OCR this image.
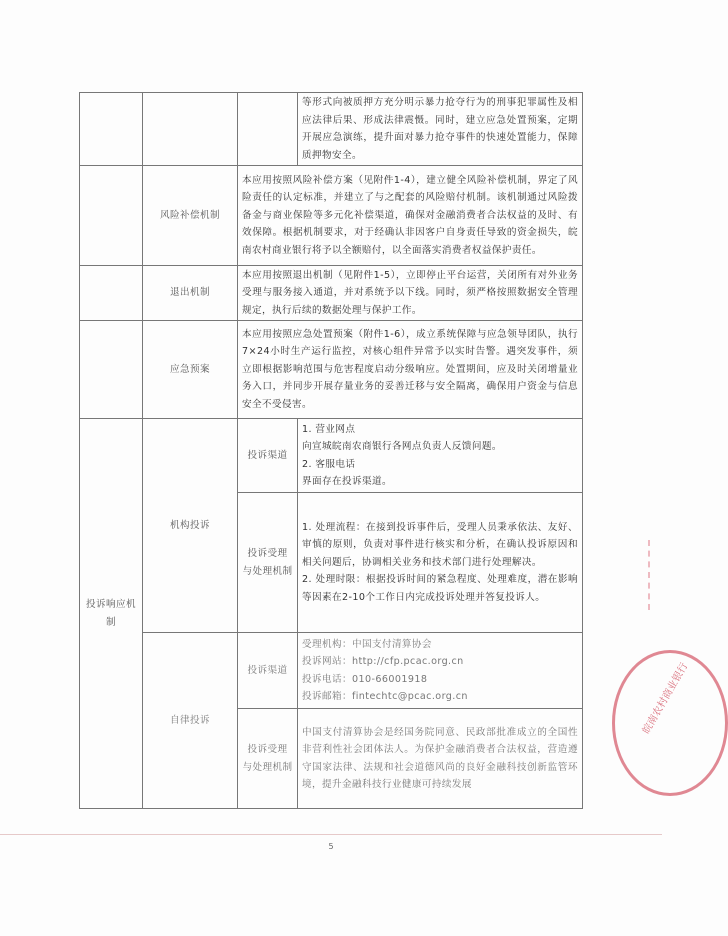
			等形式向被质押方充分明示暴力抢夺行为的刑事犯罪属性及相应法律后果、形成法律震慑。同时，建立应急处置预案，定期开展应急演练，提升面对暴力抢夺事件的快速处置能力，保障质押物安全。
	风险补偿机制	本应用按照风险补偿方案（见附件1-4），建立健全风险补偿机制，界定了风险责任的认定标准，并建立了与之配套的风险赔付机制。该机制通过风险拨备金与商业保险等多元化补偿渠道，确保对金融消费者合法权益的及时、有效保障。根据机制要求，对于经确认非因客户自身责任导致的资金损失，皖南农村商业银行将予以全额赔付，以全面落实消费者权益保护责任。	
	退出机制	本应用按照退出机制（见附件1-5），立即停止平台运营，关闭所有对外业务受理与服务接入通道，并对系统予以下线。同时，须严格按照数据安全管理规定，执行后续的数据处理与保护工作。	
	应急预案	本应用按照应急处置预案（附件1-6），成立系统保障与应急领导团队，执行7×24小时生产运行监控，对核心组件异常予以实时告警。遇突发事件，须立即根据影响范围与危害程度启动分级响应。处置期间，应及时关闭增量业务入口，并同步开展存量业务的妥善迁移与安全隔离，确保用户资金与信息安全不受侵害。	
投诉响应机制	机构投诉	投诉渠道	1. 营业网点
向宣城皖南农商银行各网点负责人反馈问题。
2. 客服电话
界面存在投诉渠道。

		投诉受理
与处理机制	1. 处理流程：在接到投诉事件后，受理人员秉承依法、友好、审慎的原则，负责对事件进行核实和分析，在确认投诉原因和相关问题后，协调相关业务和技术部门进行处理解决。
2. 处理时限：根据投诉时间的紧急程度、处理难度，潜在影响等因素在2-10个工作日内完成投诉处理并答复投诉人。

	自律投诉	投诉渠道	受理机构：中国支付清算协会
投诉网站：http://cfp.pcac.org.cn
投诉电话：010-66001918
投诉邮箱：fintechtc@pcac.org.cn

		投诉受理
与处理机制	中国支付清算协会是经国务院同意、民政部批准成立的全国性非营利性社会团体法人。为保护金融消费者合法权益，营造遵守国家法律、法规和社会道德风尚的良好金融科技创新监管环境，提升金融科技行业健康可持续发展
5
皖南农村商业银行
